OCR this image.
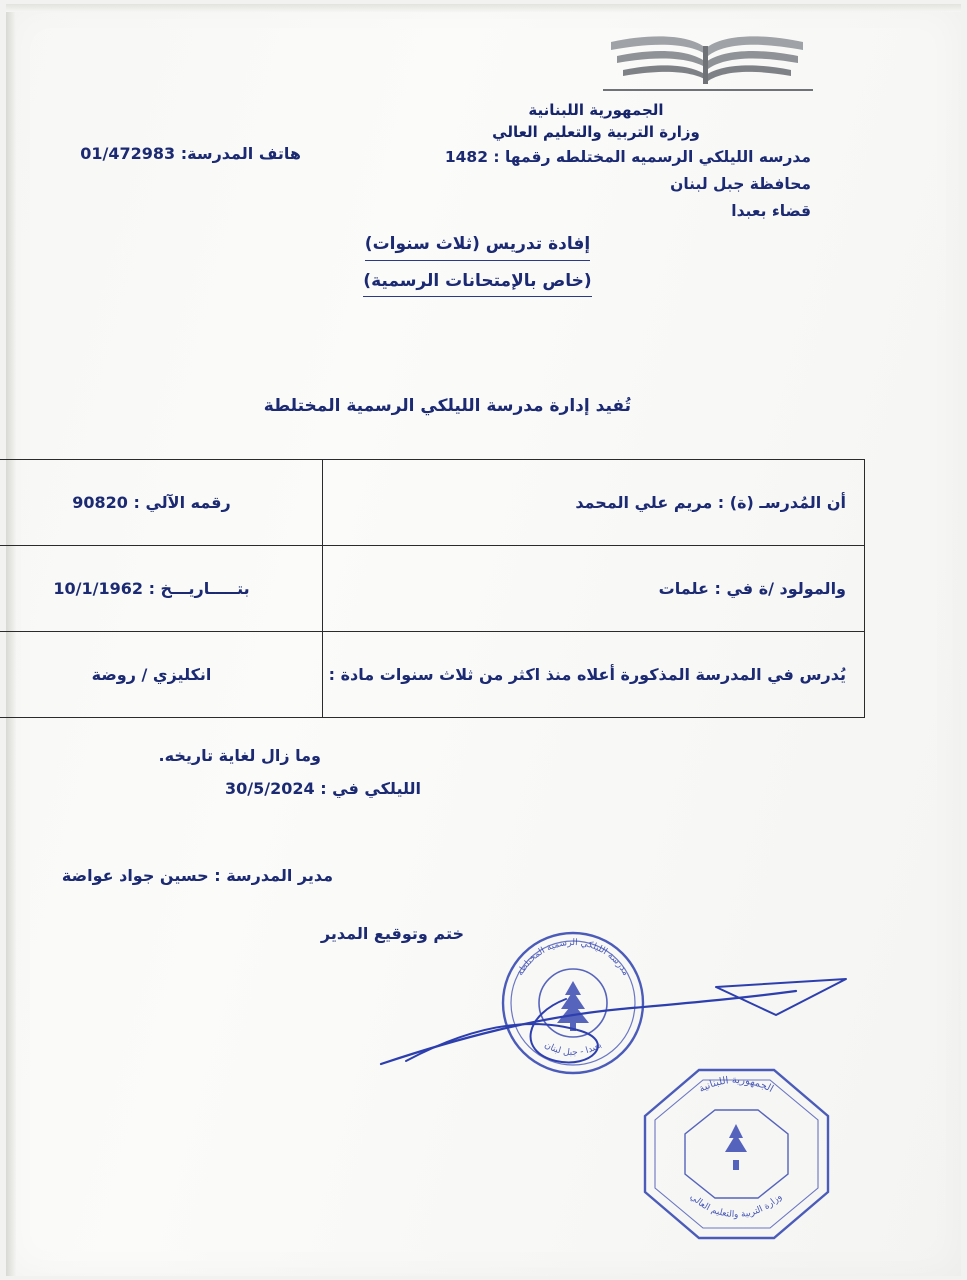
الجمهورية اللبنانية
وزارة التربية والتعليم العالي
مدرسه الليلكي الرسميه المختلطه رقمها : 1482
محافظة جبل لبنان
قضاء بعبدا
هاتف المدرسة: 01/472983
إفادة تدريس (ثلاث سنوات)
(خاص بالإمتحانات الرسمية)
تُفيد إدارة مدرسة الليلكي الرسمية المختلطة
أن المُدرسـ (ة) : مريم علي المحمد	رقمه الآلي : 90820
والمولود /ة في : علمات	بتـــــاريـــخ : 10/1/1962
يُدرس في المدرسة المذكورة أعلاه منذ اكثر من ثلاث سنوات مادة :	انكليزي / روضة
وما زال لغاية تاريخه.
الليلكي في : 30/5/2024
مدير المدرسة : حسين جواد عواضة
ختم وتوقيع المدير
مدرسة الليلكي الرسمية المختلطة
بعبدا - جبل لبنان
الجمهورية اللبنانية
وزارة التربية والتعليم العالي
